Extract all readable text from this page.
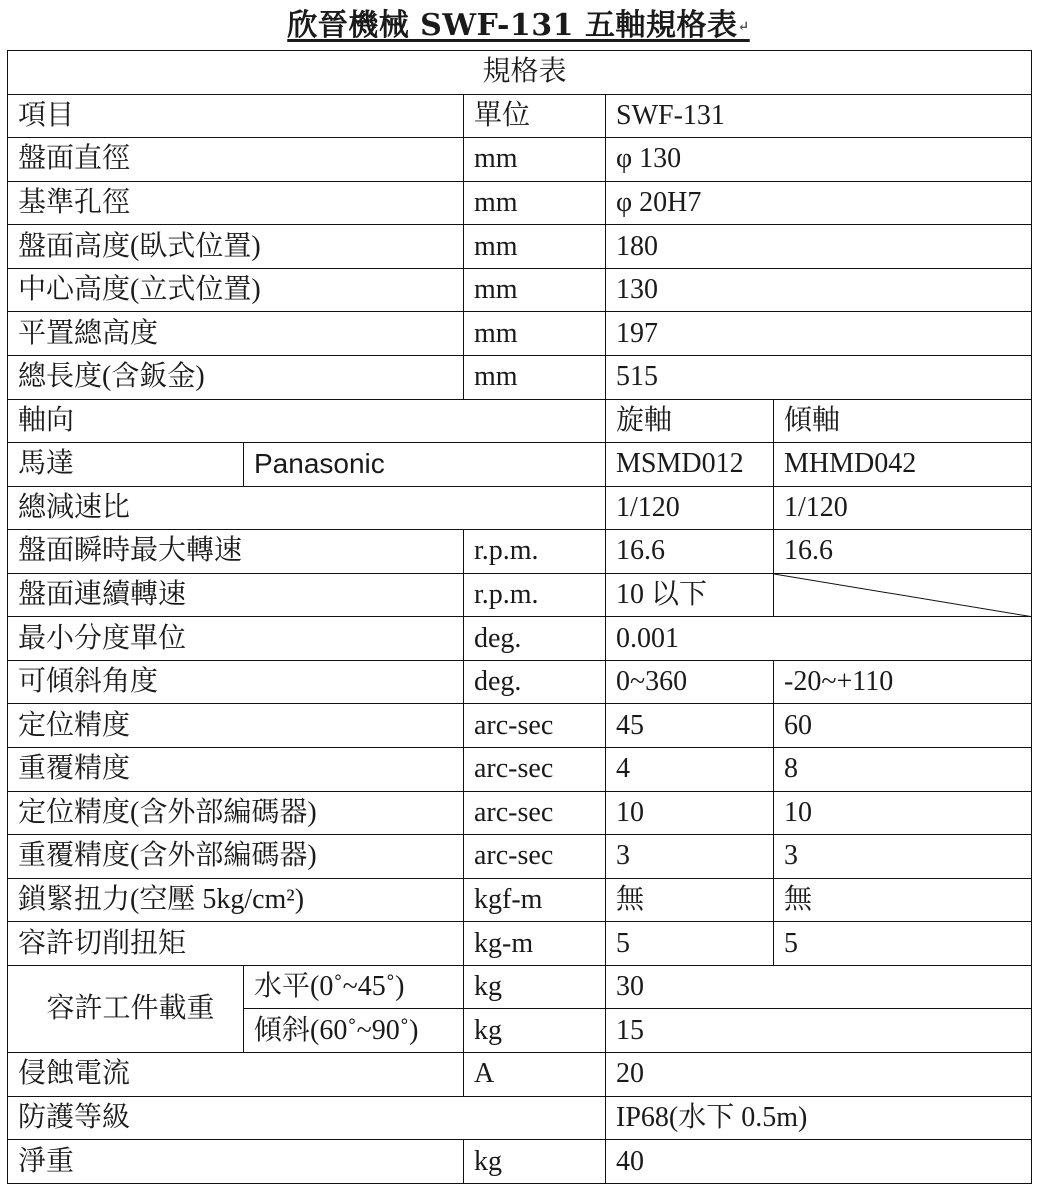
欣晉機械 SWF-131 五軸規格表↵
規格表				
項目		單位	SWF-131	
盤面直徑		mm	φ 130	
基準孔徑		mm	φ 20H7	
盤面高度(臥式位置)		mm	180	
中心高度(立式位置)		mm	130	
平置總高度		mm	197	
總長度(含鈑金)		mm	515	
軸向			旋軸	傾軸
馬達	Panasonic		MSMD012	MHMD042
總減速比			1/120	1/120
盤面瞬時最大轉速		r.p.m.	16.6	16.6
盤面連續轉速		r.p.m.	10 以下	

最小分度單位		deg.	0.001	
可傾斜角度		deg.	0~360	-20~+110
定位精度		arc-sec	45	60
重覆精度		arc-sec	4	8
定位精度(含外部編碼器)		arc-sec	10	10
重覆精度(含外部編碼器)		arc-sec	3	3
鎖緊扭力(空壓 5kg/cm²)		kgf-m	無	無
容許切削扭矩		kg-m	5	5
容許工件載重	水平(0˚~45˚)	kg	30	
	傾斜(60˚~90˚)	kg	15	
侵蝕電流		A	20	
防護等級			IP68(水下 0.5m)	
淨重		kg	40	
